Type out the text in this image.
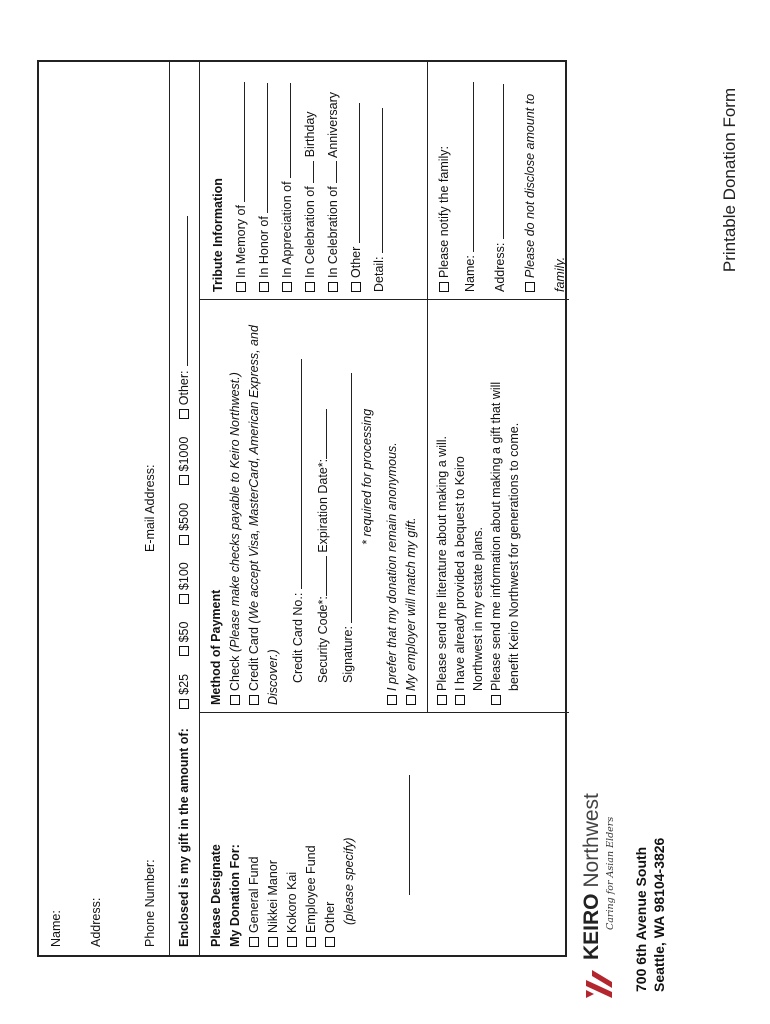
Printable Donation Form
Name: Address:	Phone Number:
E-mail Address:
Enclosed is my gift in the amount of: $25 $50 $100 $500 $1000 Other:
Please Designate My Donation For: General Fund Nikkei Manor Kokoro Kai Employee Fund Other (please specify)
Method of Payment Check (Please make checks payable to Keiro Northwest.)
Credit Card (We accept Visa, MasterCard, American Express, and Discover.) Credit Card No.: Security Code*: Expiration Date*:
Signature:
* required for processing I prefer that my donation remain anonymous. My employer will match my gift. Please send me literature about making a will. I have already provided a bequest to Keiro Northwest in my estate plans. Please send me information about making a gift that will benefit Keiro Northwest for generations to come.
Tribute Information In Memory of In Honor of In Appreciation of In Celebration of  Birthday
In Celebration of  Anniversary
Other Detail:	Please notify the family: Name:	Address:	Please do not disclose amount to family.
KEIRO Northwest Caring for Asian Elders 700 6th Avenue South Seattle, WA 98104-3826
